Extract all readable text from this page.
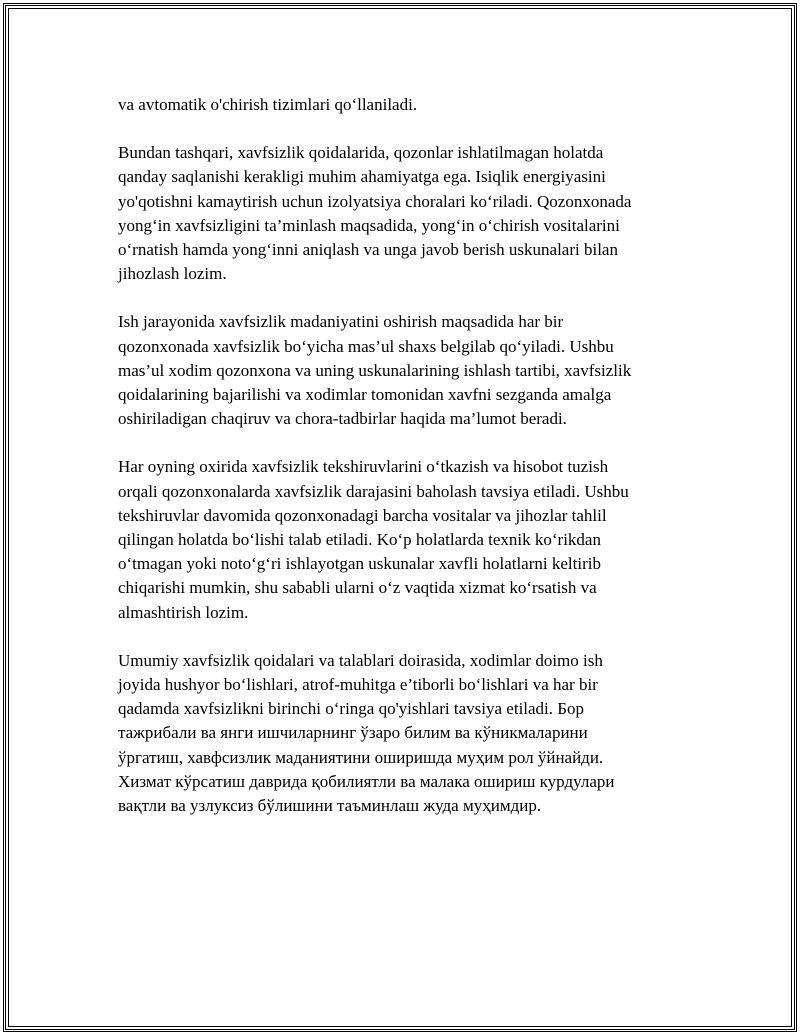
va avtomatik o'chirish tizimlari qo‘llaniladi.

Bundan tashqari, xavfsizlik qoidalarida, qozonlar ishlatilmagan holatda
qanday saqlanishi kerakligi muhim ahamiyatga ega. Isiqlik energiyasini
yo'qotishni kamaytirish uchun izolyatsiya choralari ko‘riladi. Qozonxonada
yong‘in xavfsizligini ta’minlash maqsadida, yong‘in o‘chirish vositalarini
o‘rnatish hamda yong‘inni aniqlash va unga javob berish uskunalari bilan
jihozlash lozim.

Ish jarayonida xavfsizlik madaniyatini oshirish maqsadida har bir
qozonxonada xavfsizlik bo‘yicha mas’ul shaxs belgilab qo‘yiladi. Ushbu
mas’ul xodim qozonxona va uning uskunalarining ishlash tartibi, xavfsizlik
qoidalarining bajarilishi va xodimlar tomonidan xavfni sezganda amalga
oshiriladigan chaqiruv va chora-tadbirlar haqida ma’lumot beradi.

Har oyning oxirida xavfsizlik tekshiruvlarini o‘tkazish va hisobot tuzish
orqali qozonxonalarda xavfsizlik darajasini baholash tavsiya etiladi. Ushbu
tekshiruvlar davomida qozonxonadagi barcha vositalar va jihozlar tahlil
qilingan holatda bo‘lishi talab etiladi. Ko‘p holatlarda texnik ko‘rikdan
o‘tmagan yoki noto‘g‘ri ishlayotgan uskunalar xavfli holatlarni keltirib
chiqarishi mumkin, shu sababli ularni o‘z vaqtida xizmat ko‘rsatish va
almashtirish lozim.

Umumiy xavfsizlik qoidalari va talablari doirasida, xodimlar doimo ish
joyida hushyor bo‘lishlari, atrof-muhitga e’tiborli bo‘lishlari va har bir
qadamda xavfsizlikni birinchi o‘ringa qo'yishlari tavsiya etiladi. Бор
тажрибали ва янги ишчиларнинг ўзаро билим ва кўникмаларини
ўргатиш, хавфсизлик маданиятини оширишда муҳим рол ўйнайди.
Хизмат кўрсатиш даврида қобилиятли ва малака ошириш курдулари
вақтли ва узлуксиз бўлишини таъминлаш жуда муҳимдир.
